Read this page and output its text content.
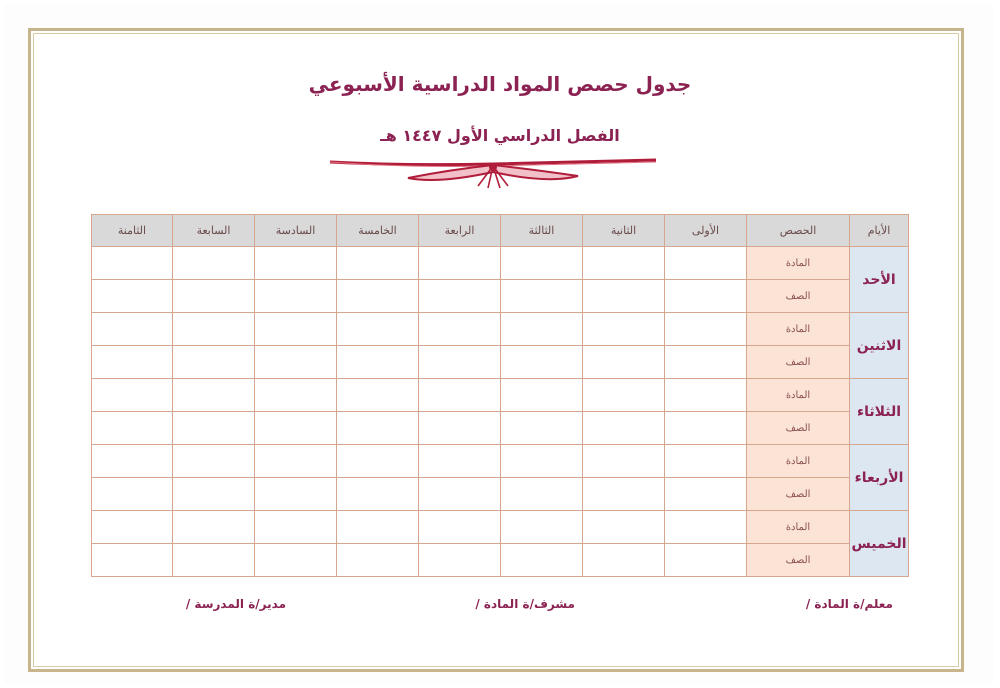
جدول حصص المواد الدراسية الأسبوعي
الفصل الدراسي الأول ١٤٤٧ هـ
الأيام	الحصص	الأولى	الثانية	الثالثة	الرابعة	الخامسة	السادسة	السابعة	الثامنة
الأحد	المادة								
	الصف								
الاثنين	المادة								
	الصف								
الثلاثاء	المادة								
	الصف								
الأربعاء	المادة								
	الصف								
الخميس	المادة								
	الصف								
معلم/ة المادة /
مشرف/ة المادة /
مدير/ة المدرسة /
